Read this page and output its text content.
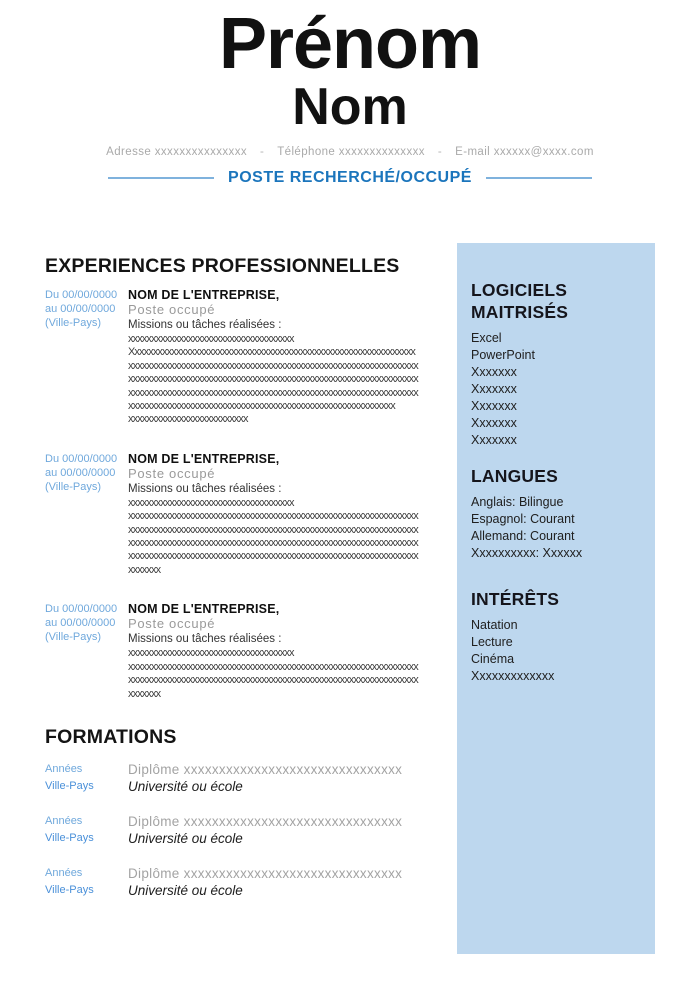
Prénom
Nom
Adresse xxxxxxxxxxxxxxx - Téléphone xxxxxxxxxxxxxx - E-mail xxxxxx@xxxx.com
POSTE RECHERCHÉ/OCCUPÉ
EXPERIENCES PROFESSIONNELLES
Du 00/00/0000
au 00/00/0000
(Ville-Pays)
NOM DE L'ENTREPRISE,
Poste occupé
Missions ou tâches réalisées :
xxxxxxxxxxxxxxxxxxxxxxxxxxxxxxxxxxxx
Xxxxxxxxxxxxxxxxxxxxxxxxxxxxxxxxxxxxxxxxxxxxxxxxxxxxxxxxxxxxxx
xxxxxxxxxxxxxxxxxxxxxxxxxxxxxxxxxxxxxxxxxxxxxxxxxxxxxxxxxxxxxxx
xxxxxxxxxxxxxxxxxxxxxxxxxxxxxxxxxxxxxxxxxxxxxxxxxxxxxxxxxxxxxxx
xxxxxxxxxxxxxxxxxxxxxxxxxxxxxxxxxxxxxxxxxxxxxxxxxxxxxxxxxxxxxxx
xxxxxxxxxxxxxxxxxxxxxxxxxxxxxxxxxxxxxxxxxxxxxxxxxxxxxxxxxx
xxxxxxxxxxxxxxxxxxxxxxxxxx
Du 00/00/0000
au 00/00/0000
(Ville-Pays)
NOM DE L'ENTREPRISE,
Poste occupé
Missions ou tâches réalisées :
xxxxxxxxxxxxxxxxxxxxxxxxxxxxxxxxxxxx
xxxxxxxxxxxxxxxxxxxxxxxxxxxxxxxxxxxxxxxxxxxxxxxxxxxxxxxxxxxxxxx
xxxxxxxxxxxxxxxxxxxxxxxxxxxxxxxxxxxxxxxxxxxxxxxxxxxxxxxxxxxxxxx
xxxxxxxxxxxxxxxxxxxxxxxxxxxxxxxxxxxxxxxxxxxxxxxxxxxxxxxxxxxxxxx
xxxxxxxxxxxxxxxxxxxxxxxxxxxxxxxxxxxxxxxxxxxxxxxxxxxxxxxxxxxxxxx
xxxxxxx
Du 00/00/0000
au 00/00/0000
(Ville-Pays)
NOM DE L'ENTREPRISE,
Poste occupé
Missions ou tâches réalisées :
xxxxxxxxxxxxxxxxxxxxxxxxxxxxxxxxxxxx
xxxxxxxxxxxxxxxxxxxxxxxxxxxxxxxxxxxxxxxxxxxxxxxxxxxxxxxxxxxxxxx
xxxxxxxxxxxxxxxxxxxxxxxxxxxxxxxxxxxxxxxxxxxxxxxxxxxxxxxxxxxxxxx
xxxxxxx
FORMATIONS
Années
Ville-Pays
Diplôme xxxxxxxxxxxxxxxxxxxxxxxxxxxxxxx
Université ou école
Années
Ville-Pays
Diplôme xxxxxxxxxxxxxxxxxxxxxxxxxxxxxxx
Université ou école
Années
Ville-Pays
Diplôme xxxxxxxxxxxxxxxxxxxxxxxxxxxxxxx
Université ou école
LOGICIELS
MAITRISÉS
Excel
PowerPoint
Xxxxxxx
Xxxxxxx
Xxxxxxx
Xxxxxxx
Xxxxxxx
LANGUES
Anglais: Bilingue
Espagnol: Courant
Allemand: Courant
Xxxxxxxxxx: Xxxxxx
INTÉRÊTS
Natation
Lecture
Cinéma
Xxxxxxxxxxxxx
